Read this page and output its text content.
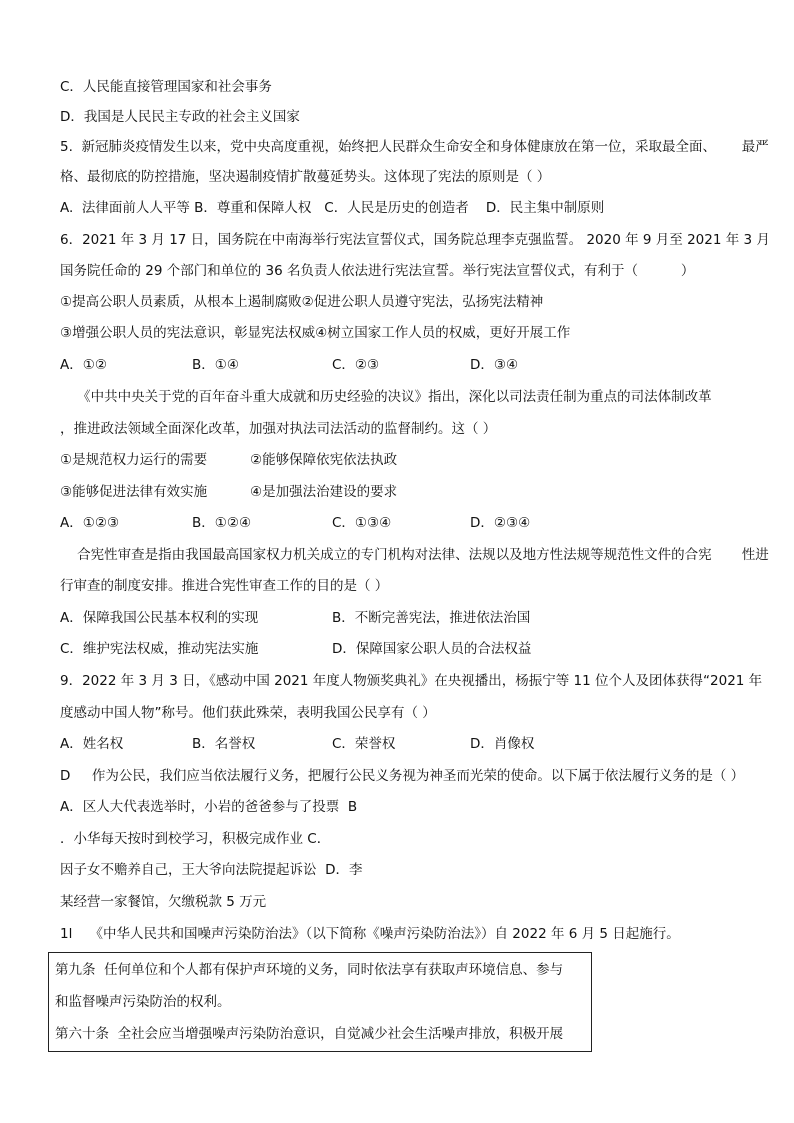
C．人民能直接管理国家和社会事务
D．我国是人民民主专政的社会主义国家
5.  新冠肺炎疫情发生以来，党中央高度重视，始终把人民群众生命安全和身体健康放在第一位，采取最全面、      最严
格、最彻底的防控措施，坚决遏制疫情扩散蔓延势头。这体现了宪法的原则是（ ）
A.  法律面前人人平等 B．尊重和保障人权   C．人民是历史的创造者    D．民主集中制原则
6．2021 年 3 月 17 日，国务院在中南海举行宪法宣誓仪式，国务院总理李克强监誓。 2020 年 9 月至 2021 年 3 月
国务院任命的 29 个部门和单位的 36 名负责人依法进行宪法宣誓。举行宪法宣誓仪式，有利于（          ）
①提高公职人员素质，从根本上遏制腐败②促进公职人员遵守宪法，弘扬宪法精神
③增强公职人员的宪法意识，彰显宪法权威④树立国家工作人员的权威，更好开展工作
A．①②	B．①④	C．②③	D．③④
《中共中央关于党的百年奋斗重大成就和历史经验的决议》指出，深化以司法责任制为重点的司法体制改革
，推进政法领域全面深化改革，加强对执法司法活动的监督制约。这（ ）
①是规范权力运行的需要          ②能够保障依宪依法执政
③能够促进法律有效实施          ④是加强法治建设的要求
A．①②③	B．①②④	C．①③④	D．②③④
合宪性审查是指由我国最高国家权力机关成立的专门机构对法律、法规以及地方性法规等规范性文件的合宪       性进
行审查的制度安排。推进合宪性审查工作的目的是（ ）
A．保障我国公民基本权利的实现	B．不断完善宪法，推进依法治国
C．维护宪法权威，推动宪法实施	D．保障国家公职人员的合法权益
9．2022 年 3 月 3 日，《感动中国 2021 年度人物颁奖典礼》在央视播出，杨振宁等 11 位个人及团体获得“2021 年
度感动中国人物”称号。他们获此殊荣，表明我国公民享有（ ）
A．姓名权	B．名誉权	C．荣誉权	D．肖像权
D     作为公民，我们应当依法履行义务，把履行公民义务视为神圣而光荣的使命。以下属于依法履行义务的是（ ）
A．区人大代表选举时，小岩的爸爸参与了投票  B
．小华每天按时到校学习，积极完成作业 C．
因子女不赡养自己，王大爷向法院提起诉讼  D．李
某经营一家餐馆，欠缴税款 5 万元
1l    《中华人民共和国噪声污染防治法》（以下简称《噪声污染防治法》）自 2022 年 6 月 5 日起施行。
第九条  任何单位和个人都有保护声环境的义务，同时依法享有获取声环境信息、参与
和监督噪声污染防治的权利。
第六十条  全社会应当增强噪声污染防治意识，自觉减少社会生活噪声排放，积极开展
